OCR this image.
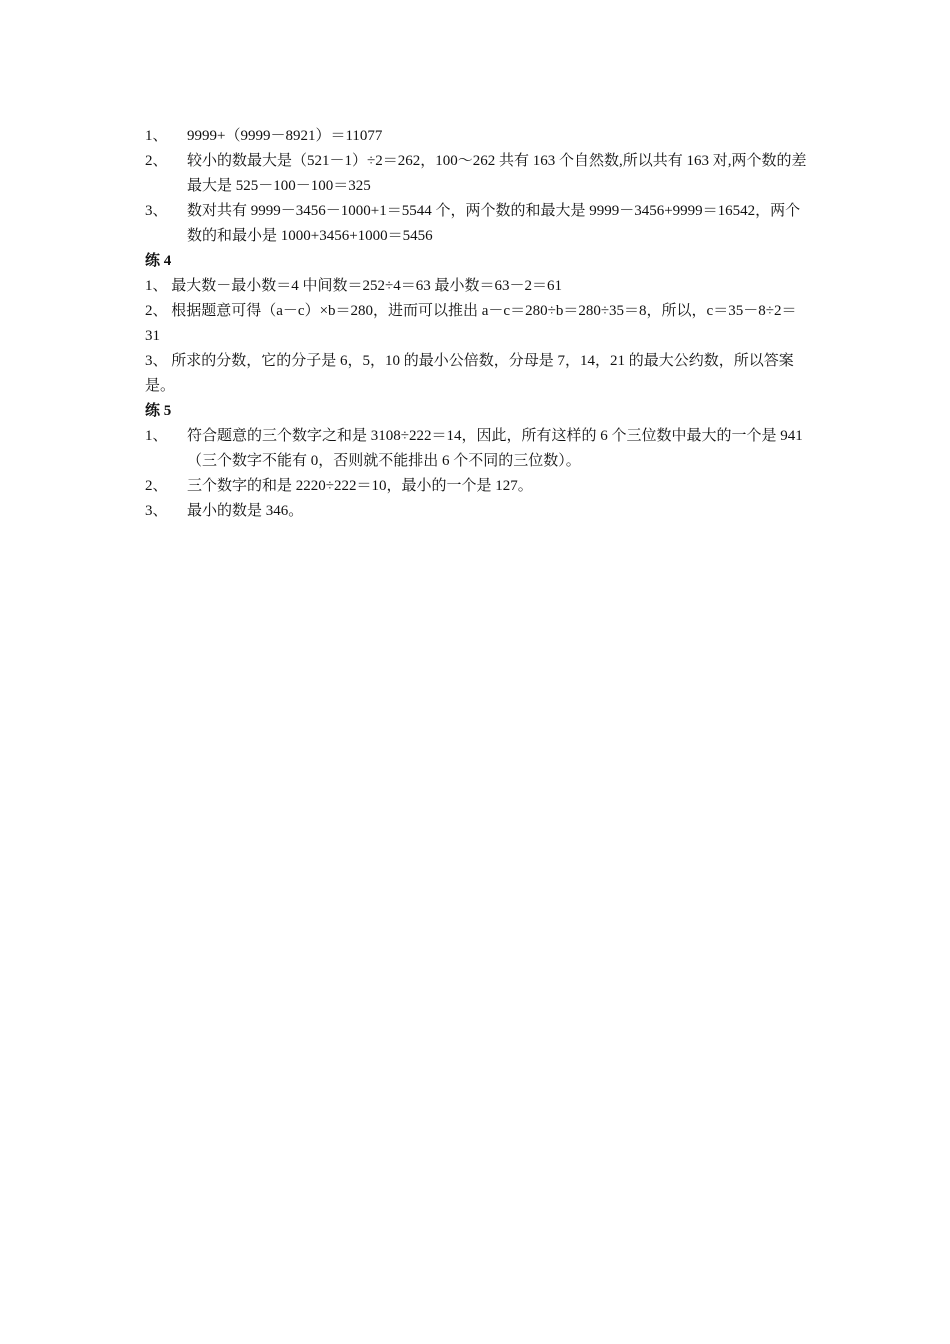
1、	9999+（9999－8921）＝11077
2、	较小的数最大是（521－1）÷2＝262，100～262 共有 163 个自然数,所以共有 163 对,两个数的差最大是 525－100－100＝325
3、	数对共有 9999－3456－1000+1＝5544 个，两个数的和最大是 9999－3456+9999＝16542，两个数的和最小是 1000+3456+1000＝5456
练 4
1、 最大数－最小数＝4 中间数＝252÷4＝63 最小数＝63－2＝61
2、 根据题意可得（a－c）×b＝280，进而可以推出 a－c＝280÷b＝280÷35＝8，所以，c＝35－8÷2＝31
3、 所求的分数，它的分子是 6，5，10 的最小公倍数，分母是 7，14，21 的最大公约数，所以答案是。
练 5
1、	符合题意的三个数字之和是 3108÷222＝14，因此，所有这样的 6 个三位数中最大的一个是 941（三个数字不能有 0，否则就不能排出 6 个不同的三位数）。
2、	三个数字的和是 2220÷222＝10，最小的一个是 127。
3、	最小的数是 346。
